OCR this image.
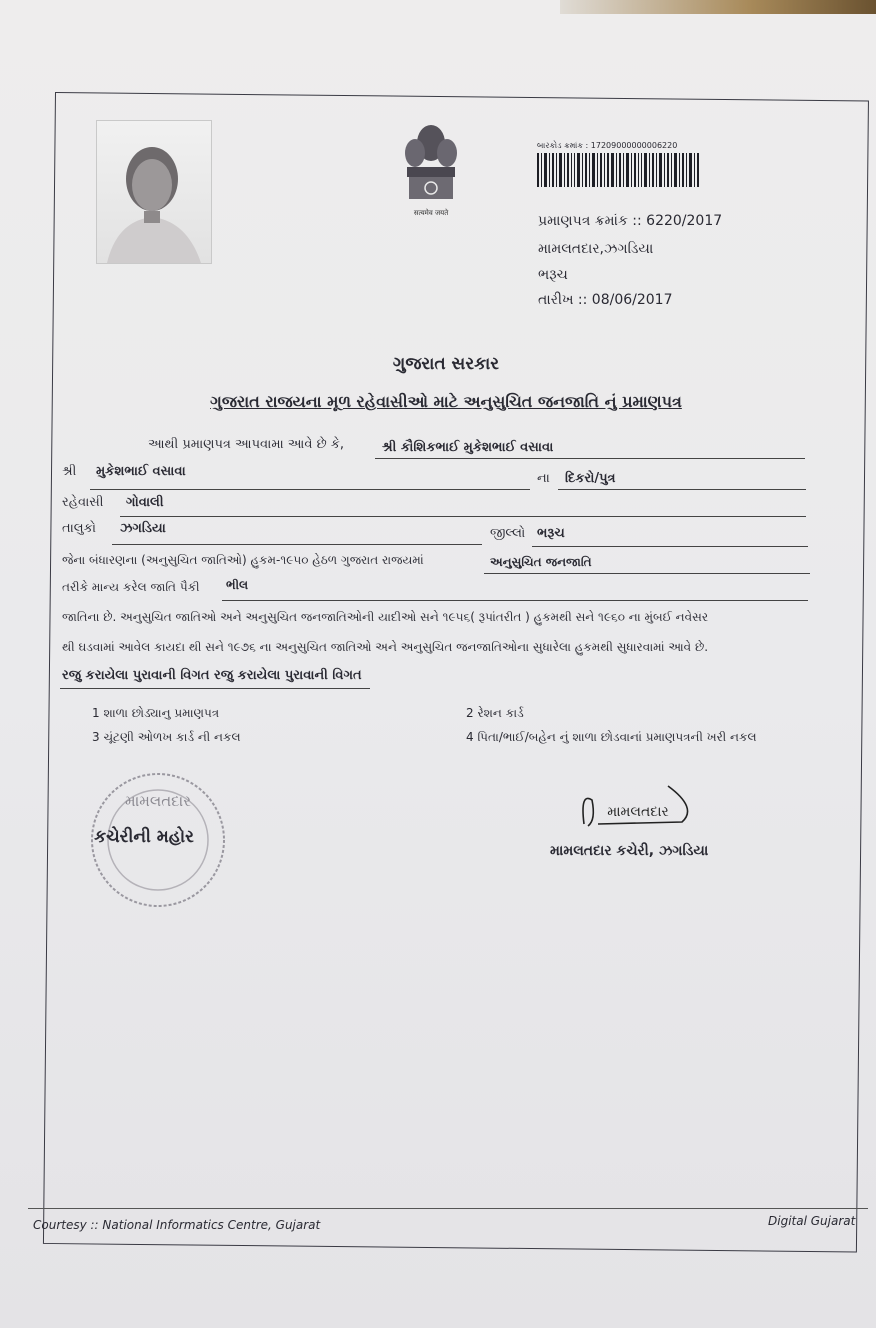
सत्यमेव जयते
બારકોડ ક્રમાંક : 17209000000006220
પ્રમાણપત્ર ક્રમાંક :: 6220/2017
મામલતદાર,ઝગડિયા
ભરૂચ
તારીખ :: 08/06/2017
ગુજરાત સરકાર
ગુજરાત રાજયના મૂળ રહેવાસીઓ માટે અનુસુચિત જનજાતિ નું પ્રમાણપત્ર
આથી પ્રમાણપત્ર આપવામા આવે છે કે,	શ્રી કૌશિકભાઈ મુકેશભાઈ વસાવા
શ્રી મુકેશભાઈ વસાવા	ના દિકરો/પુત્ર
રહેવાસી ગોવાલી
તાલુકો ઝગડિયા	જીલ્લો ભરૂચ
જેના બંધારણના (અનુસુચિત જાતિઓ) હુકમ-૧૯૫૦ હેઠળ ગુજરાત રાજયમાં	અનુસુચિત જનજાતિ
તરીકે માન્ય કરેલ જાતિ પૈકી ભીલ
જાતિના છે. અનુસુચિત જાતિઓ અને અનુસુચિત જનજાતિઓની યાદીઓ સને ૧૯૫૬( રૂપાંતરીત ) હુકમથી સને ૧૯૬૦ ના મુંબઈ નવેસર
થી ઘડવામાં આવેલ કાયદા થી સને ૧૯૭૬ ના અનુસુચિત જાતિઓ અને અનુસુચિત જનજાતિઓના સુધારેલા હુકમથી સુધારવામાં આવે છે.
રજુ કરાયેલા પુરાવાની વિગત રજુ કરાયેલા પુરાવાની વિગત
1 શાળા છોડ્યાનુ પ્રમાણપત્ર	2 રેશન કાર્ડ
3 ચૂંટણી ઓળખ કાર્ડ ની નકલ	4 પિતા/ભાઈ/બહેન નું શાળા છોડવાનાં પ્રમાણપત્રની ખરી નકલ
મામલતદાર
કચેરીની મહોર
મામલતદાર
મામલતદાર કચેરી, ઝગડિયા
Courtesy :: National Informatics Centre, Gujarat	Digital Gujarat
